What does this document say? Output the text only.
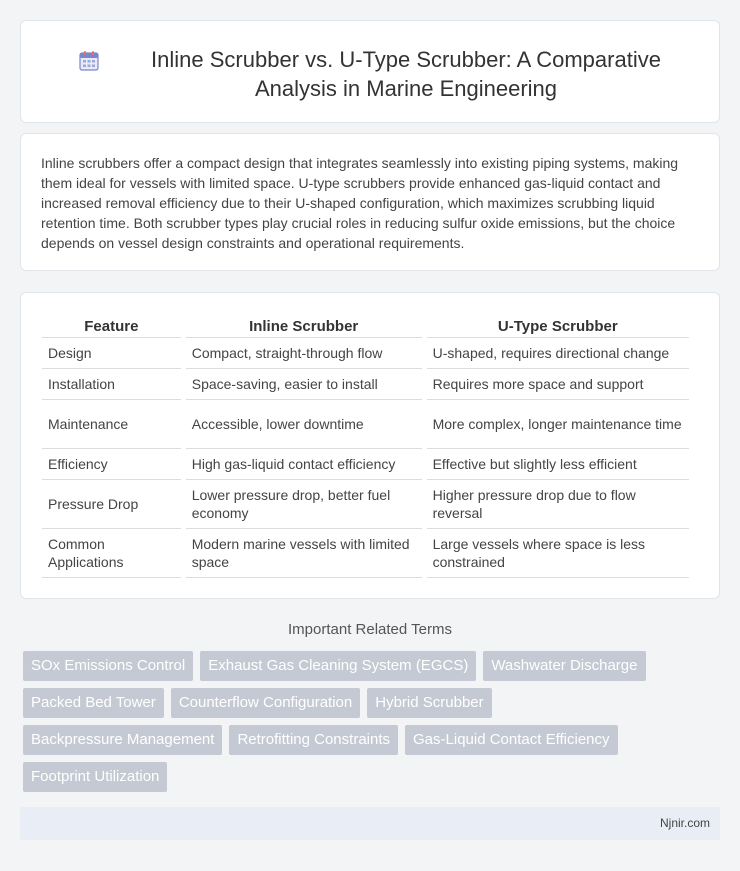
Inline Scrubber vs. U-Type Scrubber: A Comparative Analysis in Marine Engineering

Inline scrubbers offer a compact design that integrates seamlessly into existing piping systems, making them ideal for vessels with limited space. U-type scrubbers provide enhanced gas-liquid contact and increased removal efficiency due to their U-shaped configuration, which maximizes scrubbing liquid retention time. Both scrubber types play crucial roles in reducing sulfur oxide emissions, but the choice depends on vessel design constraints and operational requirements.

Feature	Inline Scrubber	U-Type Scrubber
Design	Compact, straight-through flow	U-shaped, requires directional change
Installation	Space-saving, easier to install	Requires more space and support
Maintenance	Accessible, lower downtime	More complex, longer maintenance time
Efficiency	High gas-liquid contact efficiency	Effective but slightly less efficient
Pressure Drop	Lower pressure drop, better fuel economy	Higher pressure drop due to flow reversal
Common Applications	Modern marine vessels with limited space	Large vessels where space is less constrained
Important Related Terms
SOx Emissions Control	Exhaust Gas Cleaning System (EGCS)	Washwater Discharge
Packed Bed Tower	Counterflow Configuration	Hybrid Scrubber
Backpressure Management	Retrofitting Constraints	Gas-Liquid Contact Efficiency
Footprint Utilization
Njnir.com
